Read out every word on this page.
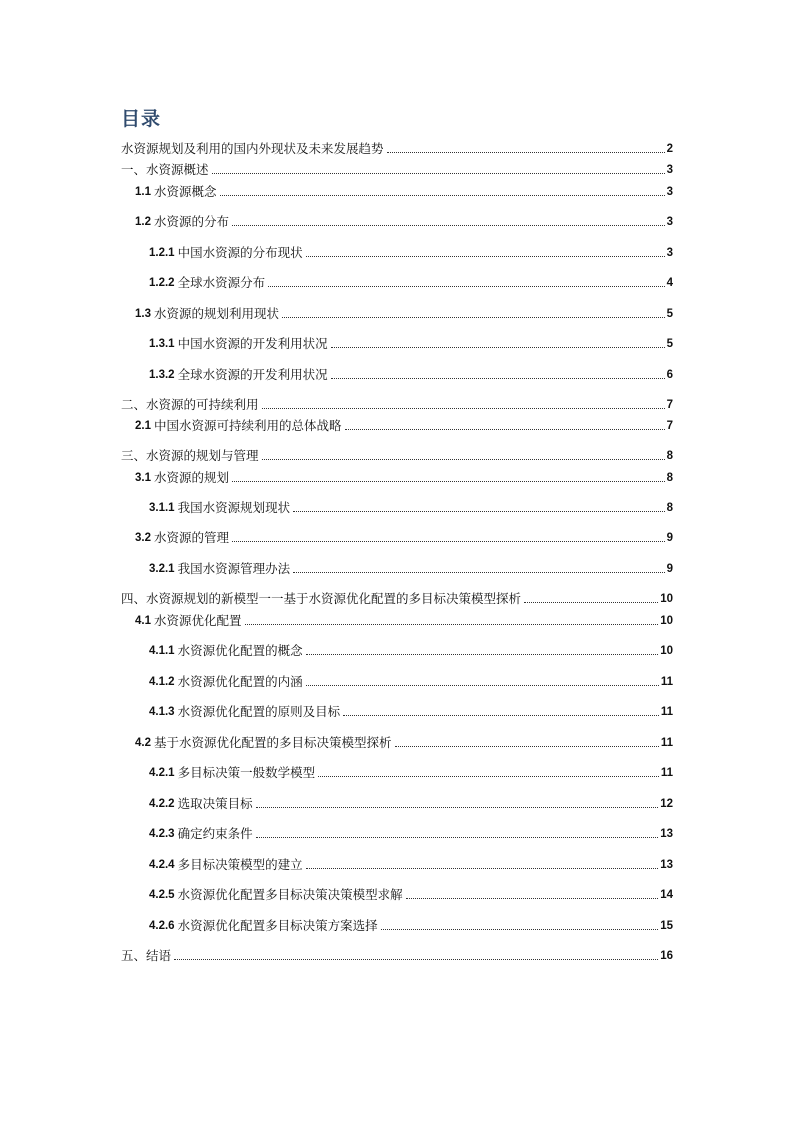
目录
水资源规划及利用的国内外现状及未来发展趋势	2
一、水资源概述	3
1.1 水资源概念	3
1.2 水资源的分布	3
1.2.1 中国水资源的分布现状	3
1.2.2 全球水资源分布	4
1.3 水资源的规划利用现状	5
1.3.1 中国水资源的开发利用状况	5
1.3.2 全球水资源的开发利用状况	6
二、水资源的可持续利用	7
2.1 中国水资源可持续利用的总体战略	7
三、水资源的规划与管理	8
3.1 水资源的规划	8
3.1.1 我国水资源规划现状	8
3.2 水资源的管理	9
3.2.1 我国水资源管理办法	9
四、水资源规划的新模型一一基于水资源优化配置的多目标决策模型探析	10
4.1 水资源优化配置	10
4.1.1 水资源优化配置的概念	10
4.1.2 水资源优化配置的内涵	11
4.1.3 水资源优化配置的原则及目标	11
4.2 基于水资源优化配置的多目标决策模型探析	11
4.2.1 多目标决策一般数学模型	11
4.2.2 选取决策目标	12
4.2.3 确定约束条件	13
4.2.4 多目标决策模型的建立	13
4.2.5 水资源优化配置多目标决策决策模型求解	14
4.2.6 水资源优化配置多目标决策方案选择	15
五、结语	16
